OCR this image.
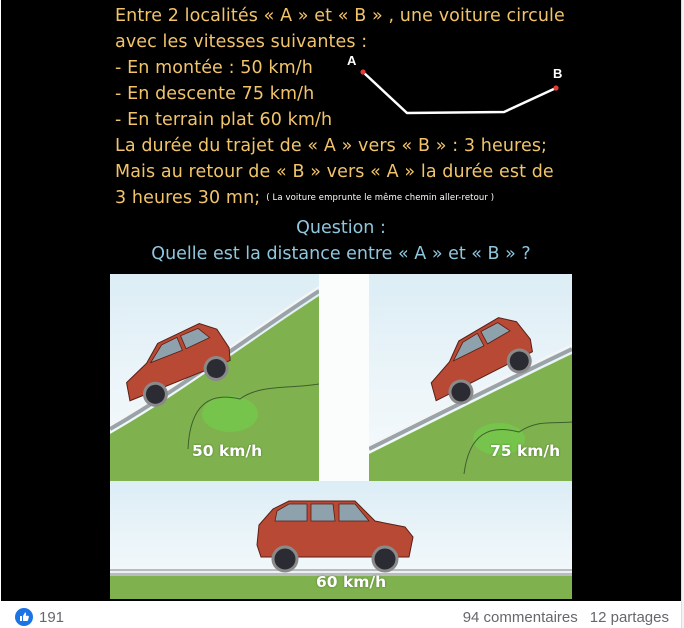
Entre 2 localités « A » et « B » , une voiture circule
avec les vitesses suivantes :
- En montée : 50 km/h
- En descente 75 km/h
- En terrain plat 60 km/h
La durée du trajet de « A » vers « B » : 3 heures;
Mais au retour de « B » vers « A » la durée est de
3 heures 30 mn; ( La voiture emprunte le même chemin aller-retour )
Question :
Quelle est la distance entre « A » et « B » ?
A
B
50 km/h	75 km/h
60 km/h
191	94 commentaires 12 partages
